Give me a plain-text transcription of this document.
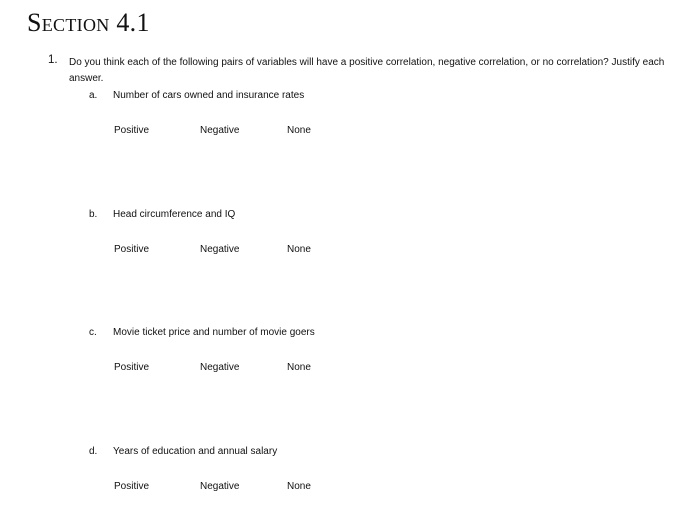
Section 4.1
1. Do you think each of the following pairs of variables will have a positive correlation, negative correlation, or no correlation? Justify each answer.
a.	Number of cars owned and insurance rates
Positive	Negative	None
b.	Head circumference and IQ
Positive	Negative	None
c.	Movie ticket price and number of movie goers
Positive	Negative	None
d.	Years of education and annual salary
Positive	Negative	None
